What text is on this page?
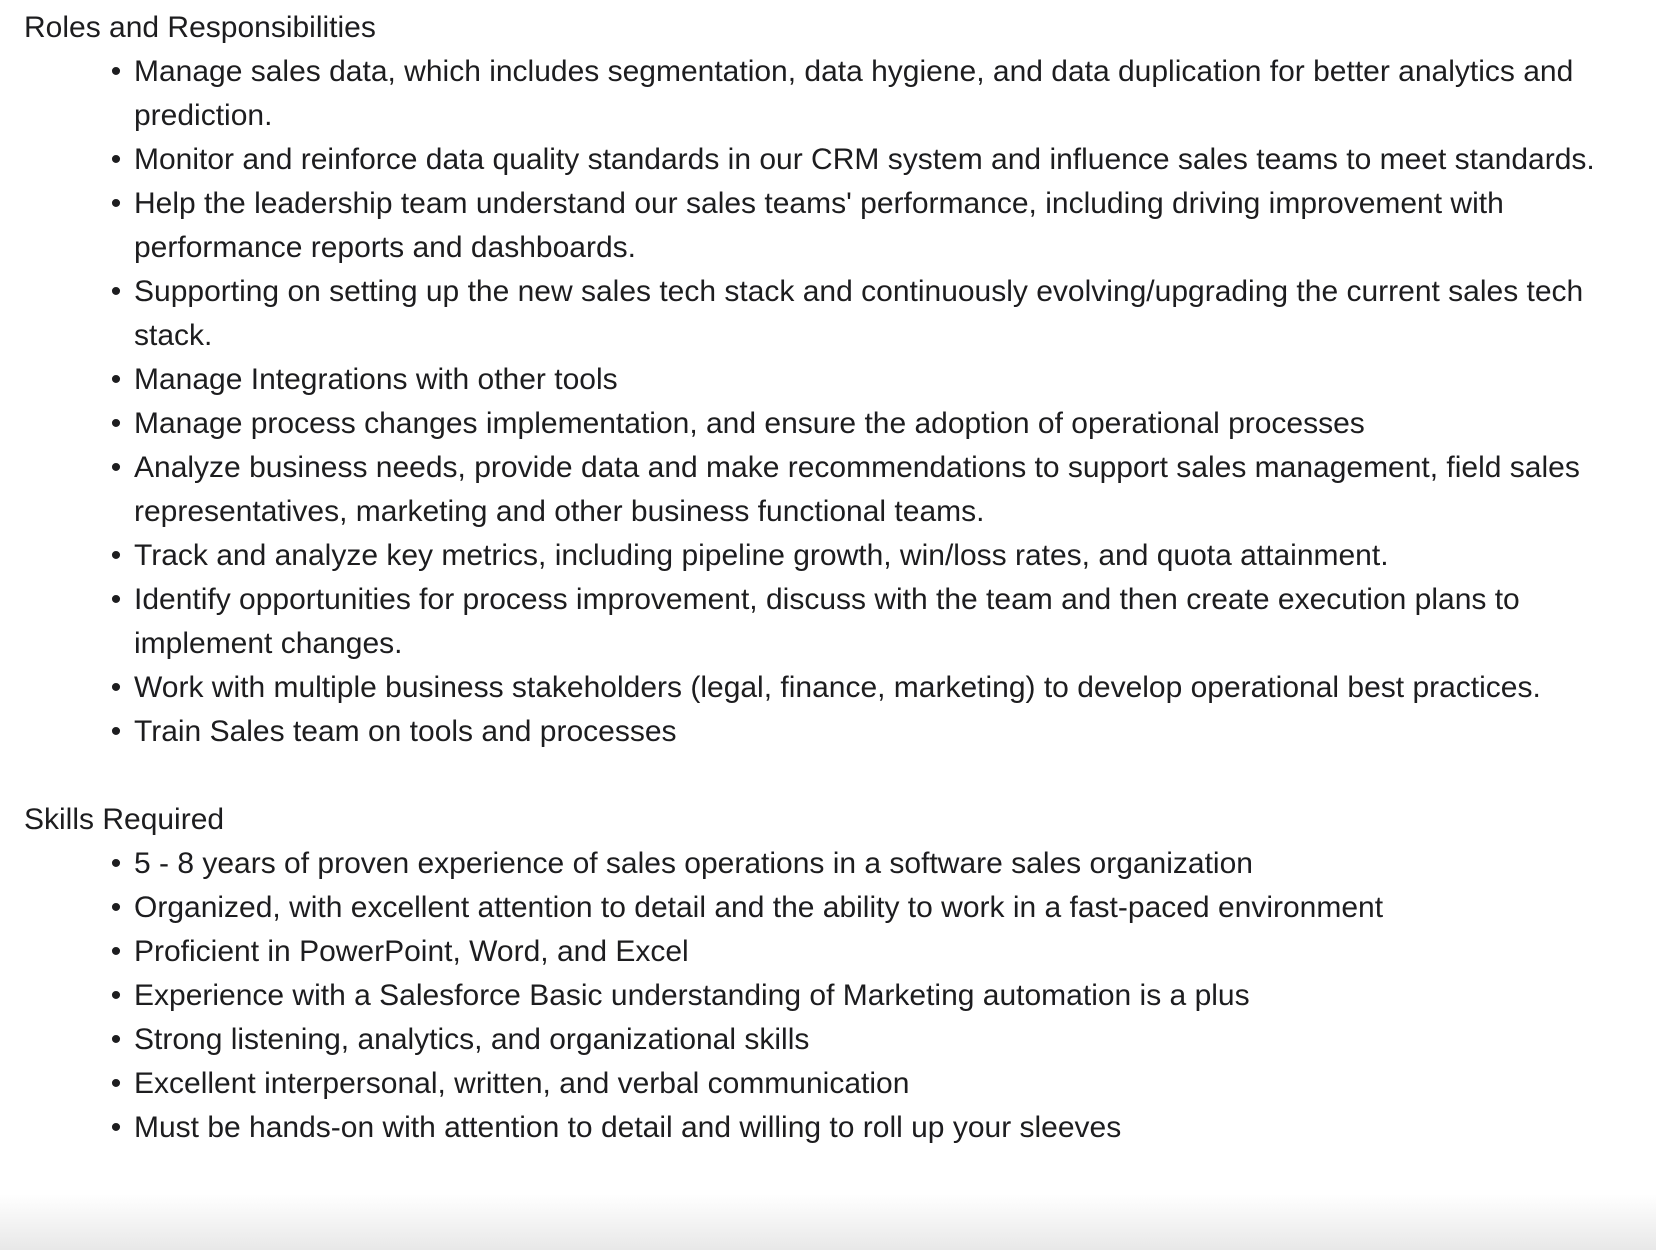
Roles and Responsibilities
• Manage sales data, which includes segmentation, data hygiene, and data duplication for better analytics and prediction.
• Monitor and reinforce data quality standards in our CRM system and influence sales teams to meet standards.
• Help the leadership team understand our sales teams' performance, including driving improvement with performance reports and dashboards.
• Supporting on setting up the new sales tech stack and continuously evolving/upgrading the current sales tech stack.
• Manage Integrations with other tools
• Manage process changes implementation, and ensure the adoption of operational processes
• Analyze business needs, provide data and make recommendations to support sales management, field sales representatives, marketing and other business functional teams.
• Track and analyze key metrics, including pipeline growth, win/loss rates, and quota attainment.
• Identify opportunities for process improvement, discuss with the team and then create execution plans to implement changes.
• Work with multiple business stakeholders (legal, finance, marketing) to develop operational best practices.
• Train Sales team on tools and processes
Skills Required
• 5 - 8 years of proven experience of sales operations in a software sales organization
• Organized, with excellent attention to detail and the ability to work in a fast-paced environment
• Proficient in PowerPoint, Word, and Excel
• Experience with a Salesforce Basic understanding of Marketing automation is a plus
• Strong listening, analytics, and organizational skills
• Excellent interpersonal, written, and verbal communication
• Must be hands-on with attention to detail and willing to roll up your sleeves
